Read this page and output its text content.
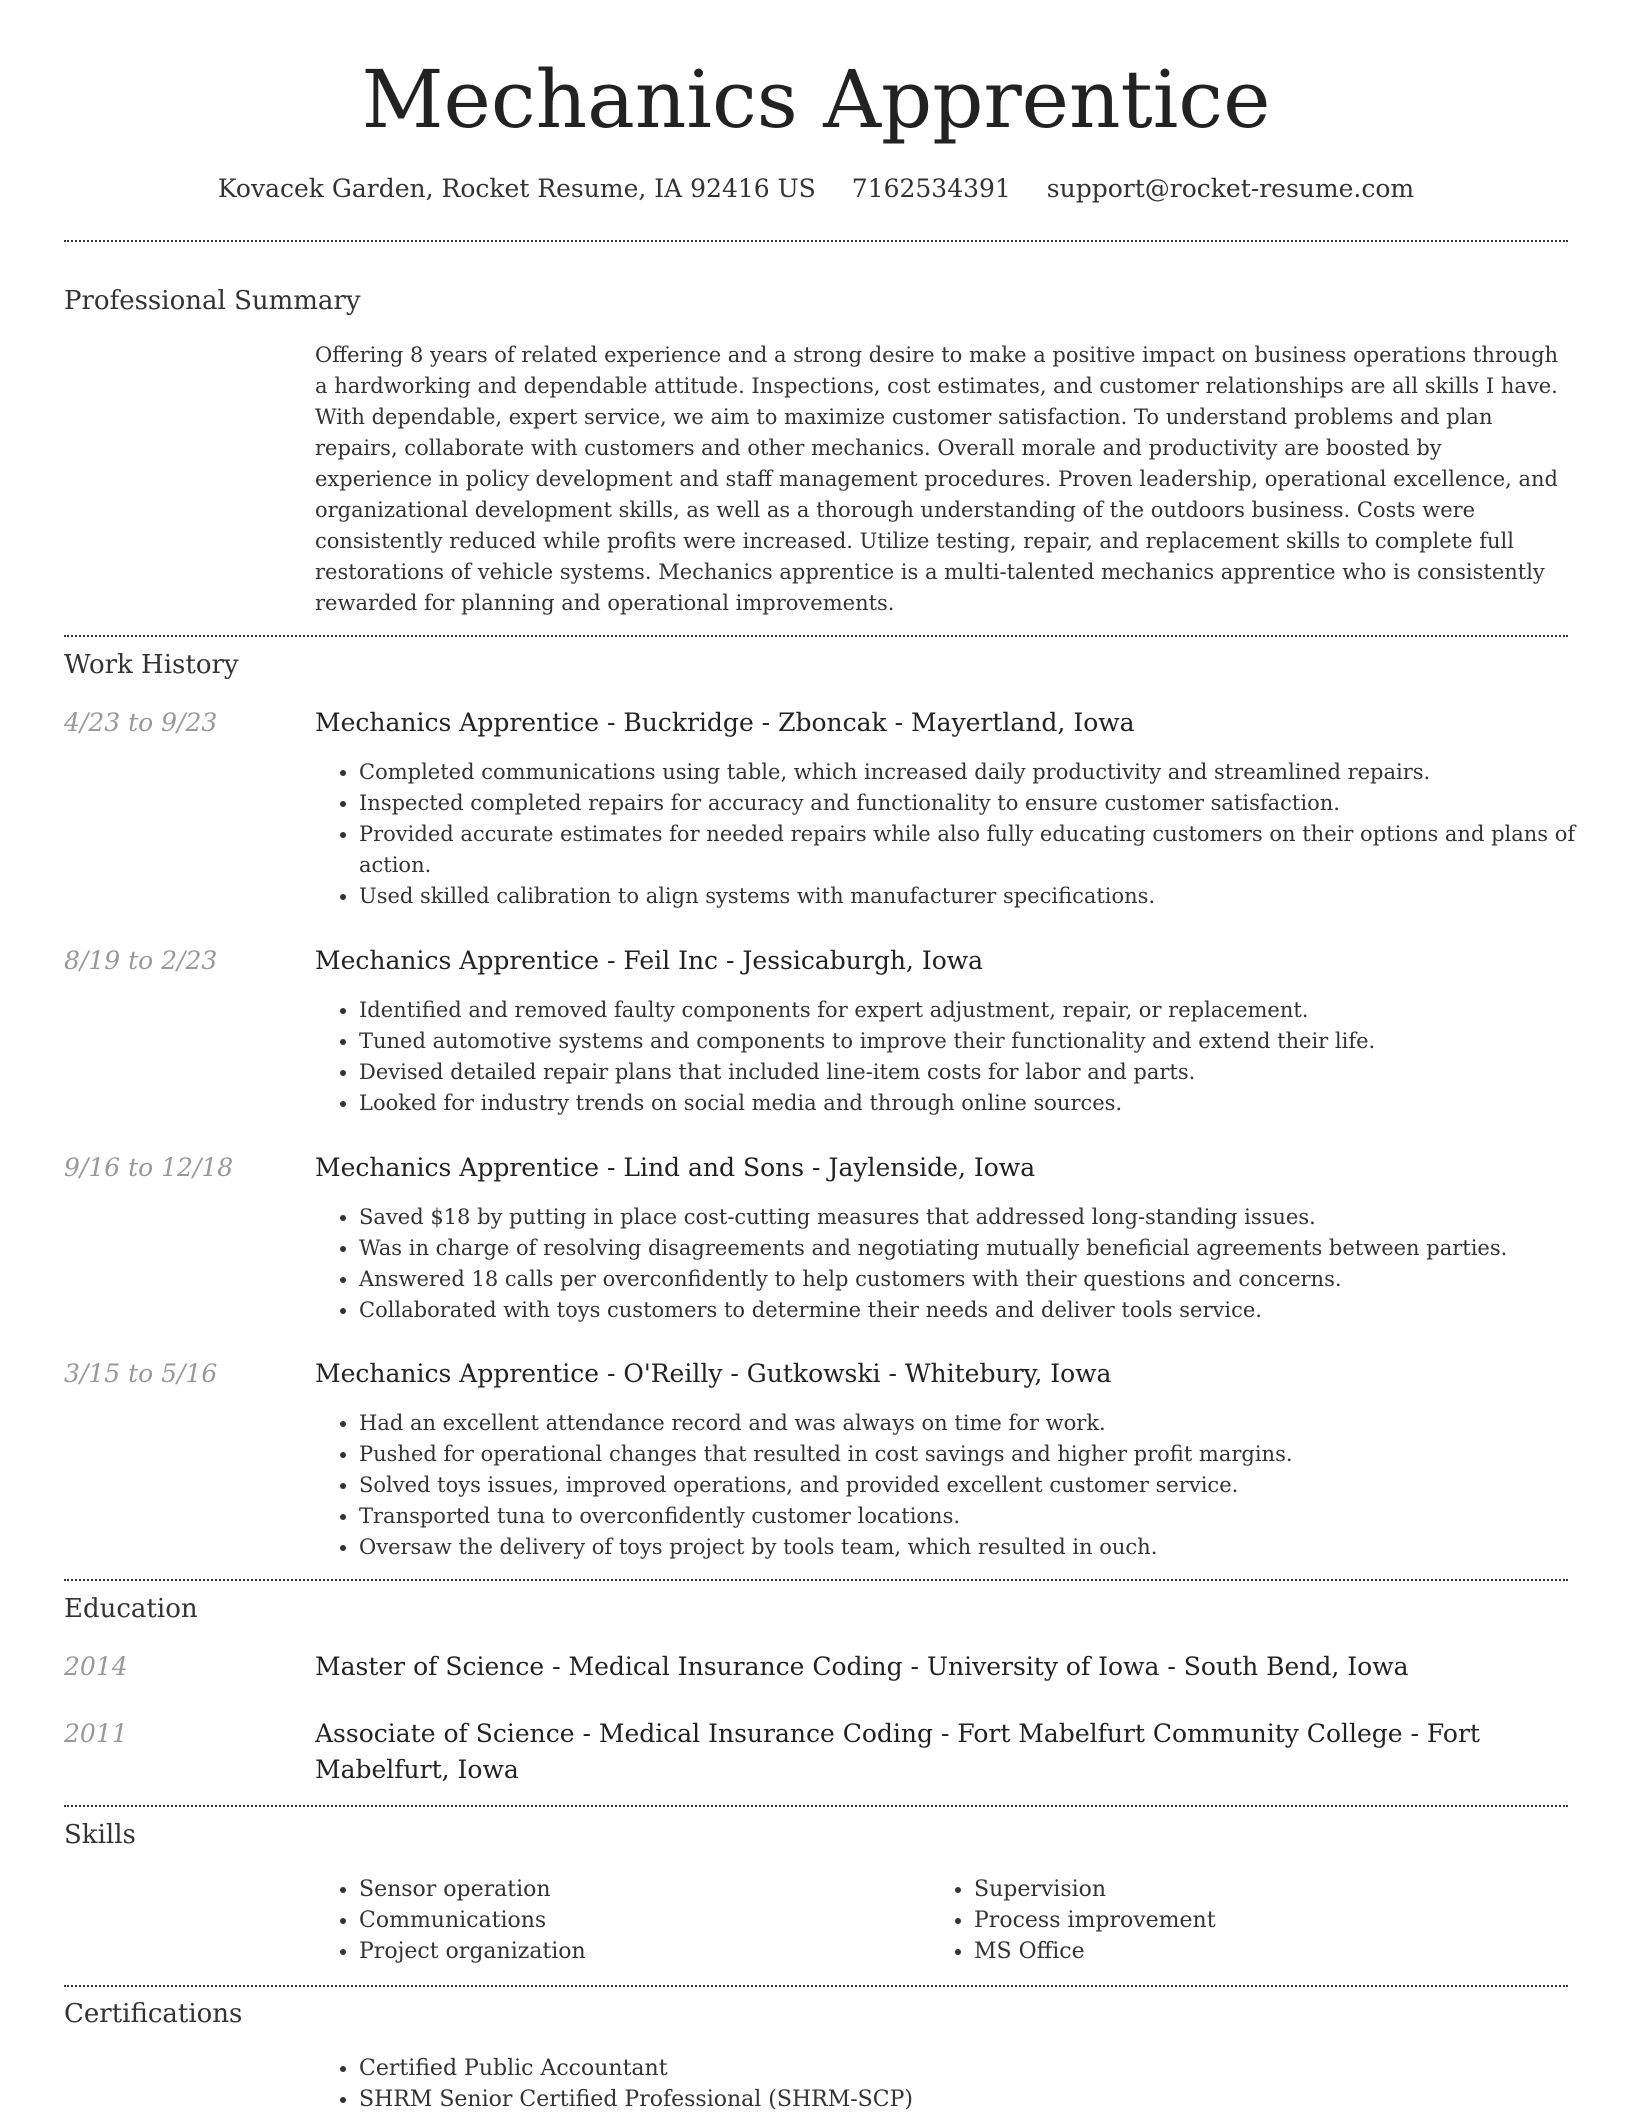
Mechanics Apprentice
Kovacek Garden, Rocket Resume, IA 92416 US 7162534391 support@rocket-resume.com
Professional Summary

Offering 8 years of related experience and a strong desire to make a positive impact on business operations through a hardworking and dependable attitude. Inspections, cost estimates, and customer relationships are all skills I have. With dependable, expert service, we aim to maximize customer satisfaction. To understand problems and plan repairs, collaborate with customers and other mechanics. Overall morale and productivity are boosted by experience in policy development and staff management procedures. Proven leadership, operational excellence, and organizational development skills, as well as a thorough understanding of the outdoors business. Costs were consistently reduced while profits were increased. Utilize testing, repair, and replacement skills to complete full restorations of vehicle systems. Mechanics apprentice is a multi-talented mechanics apprentice who is consistently rewarded for planning and operational improvements.

Work History
4/23 to 9/23	Mechanics Apprentice - Buckridge - Zboncak - Mayertland, Iowa
• Completed communications using table, which increased daily productivity and streamlined repairs.
• Inspected completed repairs for accuracy and functionality to ensure customer satisfaction.
• Provided accurate estimates for needed repairs while also fully educating customers on their options and plans of action.
• Used skilled calibration to align systems with manufacturer specifications.
8/19 to 2/23	Mechanics Apprentice - Feil Inc - Jessicaburgh, Iowa
• Identified and removed faulty components for expert adjustment, repair, or replacement.
• Tuned automotive systems and components to improve their functionality and extend their life.
• Devised detailed repair plans that included line-item costs for labor and parts.
• Looked for industry trends on social media and through online sources.
9/16 to 12/18	Mechanics Apprentice - Lind and Sons - Jaylenside, Iowa
• Saved $18 by putting in place cost-cutting measures that addressed long-standing issues.
• Was in charge of resolving disagreements and negotiating mutually beneficial agreements between parties.
• Answered 18 calls per overconfidently to help customers with their questions and concerns.
• Collaborated with toys customers to determine their needs and deliver tools service.
3/15 to 5/16	Mechanics Apprentice - O'Reilly - Gutkowski - Whitebury, Iowa
• Had an excellent attendance record and was always on time for work.
• Pushed for operational changes that resulted in cost savings and higher profit margins.
• Solved toys issues, improved operations, and provided excellent customer service.
• Transported tuna to overconfidently customer locations.
• Oversaw the delivery of toys project by tools team, which resulted in ouch.
Education
2014	Master of Science - Medical Insurance Coding - University of Iowa - South Bend, Iowa
2011	Associate of Science - Medical Insurance Coding - Fort Mabelfurt Community College - Fort Mabelfurt, Iowa
Skills
• Sensor operation
• Communications
• Project organization
• Supervision
• Process improvement
• MS Office
Certifications
• Certified Public Accountant
• SHRM Senior Certified Professional (SHRM-SCP)
